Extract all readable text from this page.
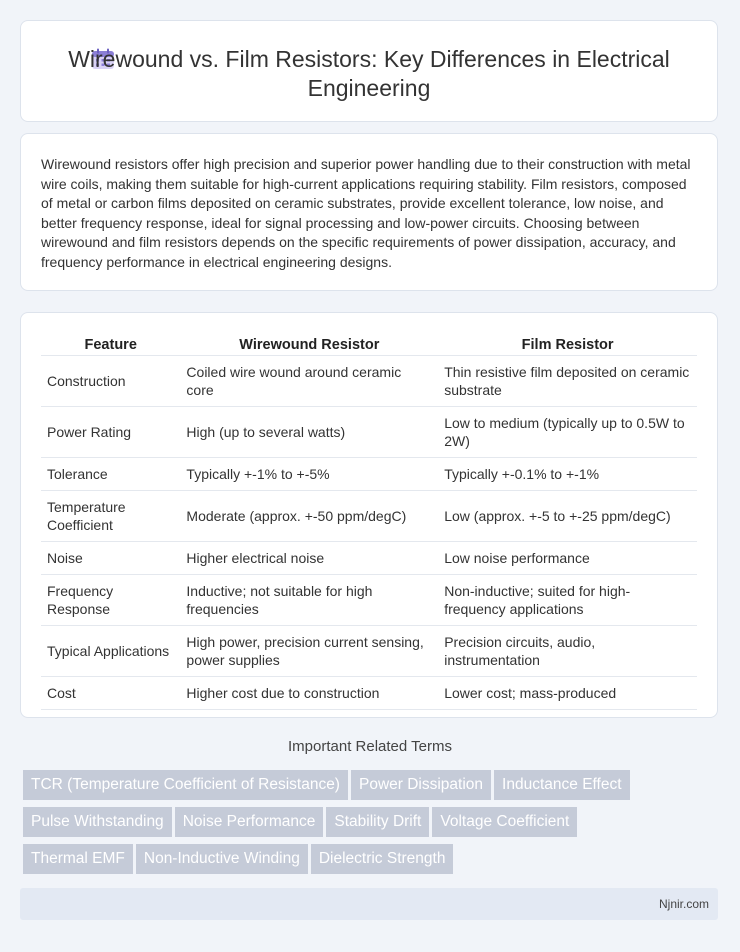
Wirewound vs. Film Resistors: Key Differences in Electrical Engineering

Wirewound resistors offer high precision and superior power handling due to their construction with metal wire coils, making them suitable for high-current applications requiring stability. Film resistors, composed of metal or carbon films deposited on ceramic substrates, provide excellent tolerance, low noise, and better frequency response, ideal for signal processing and low-power circuits. Choosing between wirewound and film resistors depends on the specific requirements of power dissipation, accuracy, and frequency performance in electrical engineering designs.

Feature	Wirewound Resistor	Film Resistor
Construction	Coiled wire wound around ceramic core	Thin resistive film deposited on ceramic substrate
Power Rating	High (up to several watts)	Low to medium (typically up to 0.5W to 2W)
Tolerance	Typically +-1% to +-5%	Typically +-0.1% to +-1%
Temperature Coefficient	Moderate (approx. +-50 ppm/degC)	Low (approx. +-5 to +-25 ppm/degC)
Noise	Higher electrical noise	Low noise performance
Frequency Response	Inductive; not suitable for high frequencies	Non-inductive; suited for high-frequency applications
Typical Applications	High power, precision current sensing, power supplies	Precision circuits, audio, instrumentation
Cost	Higher cost due to construction	Lower cost; mass-produced
Important Related Terms
TCR (Temperature Coefficient of Resistance) Power Dissipation Inductance Effect
Pulse Withstanding Noise Performance Stability Drift Voltage Coefficient
Thermal EMF Non-Inductive Winding Dielectric Strength
Njnir.com
